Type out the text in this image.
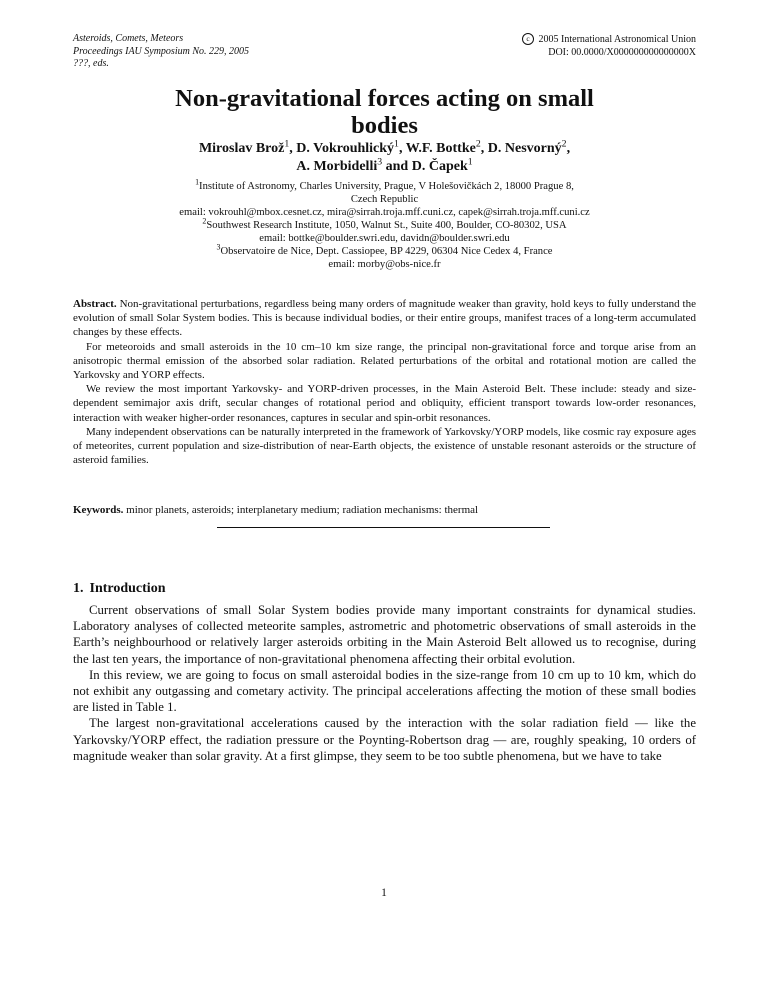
Asteroids, Comets, Meteors
Proceedings IAU Symposium No. 229, 2005
???, eds.
c 2005 International Astronomical Union
DOI: 00.0000/X000000000000000X
Non-gravitational forces acting on small
bodies
Miroslav Brož$^1$, D. Vokrouhlický$^1$, W.F. Bottke$^2$, D. Nesvorný$^2$,
A. Morbidelli$^3$ and D. Čapek$^1$
$^1$Institute of Astronomy, Charles University, Prague, V Holešovičkách 2, 18000 Prague 8,
Czech Republic
email: vokrouhl@mbox.cesnet.cz, mira@sirrah.troja.mff.cuni.cz, capek@sirrah.troja.mff.cuni.cz
$^2$Southwest Research Institute, 1050, Walnut St., Suite 400, Boulder, CO-80302, USA
email: bottke@boulder.swri.edu, davidn@boulder.swri.edu
$^3$Observatoire de Nice, Dept. Cassiopee, BP 4229, 06304 Nice Cedex 4, France
email: morby@obs-nice.fr

Abstract. Non-gravitational perturbations, regardless being many orders of magnitude weaker than gravity, hold keys to fully understand the evolution of small Solar System bodies. This is because individual bodies, or their entire groups, manifest traces of a long-term accumulated changes by these effects.

For meteoroids and small asteroids in the 10 cm–10 km size range, the principal non-gravitational force and torque arise from an anisotropic thermal emission of the absorbed solar radiation. Related perturbations of the orbital and rotational motion are called the Yarkovsky and YORP effects.

We review the most important Yarkovsky- and YORP-driven processes, in the Main Asteroid Belt. These include: steady and size-dependent semimajor axis drift, secular changes of rotational period and obliquity, efficient transport towards low-order resonances, interaction with weaker higher-order resonances, captures in secular and spin-orbit resonances.

Many independent observations can be naturally interpreted in the framework of Yarkovsky/YORP models, like cosmic ray exposure ages of meteorites, current population and size-distribution of near-Earth objects, the existence of unstable resonant asteroids or the structure of asteroid families.

Keywords. minor planets, asteroids; interplanetary medium; radiation mechanisms: thermal
1. Introduction

Current observations of small Solar System bodies provide many important constraints for dynamical studies. Laboratory analyses of collected meteorite samples, astrometric and photometric observations of small asteroids in the Earth’s neighbourhood or relatively larger asteroids orbiting in the Main Asteroid Belt allowed us to recognise, during the last ten years, the importance of non-gravitational phenomena affecting their orbital evolution.

In this review, we are going to focus on small asteroidal bodies in the size-range from 10 cm up to 10 km, which do not exhibit any outgassing and cometary activity. The principal accelerations affecting the motion of these small bodies are listed in Table 1.

The largest non-gravitational accelerations caused by the interaction with the solar radiation field — like the Yarkovsky/YORP effect, the radiation pressure or the Poynting-Robertson drag — are, roughly speaking, 10 orders of magnitude weaker than solar gravity. At a first glimpse, they seem to be too subtle phenomena, but we have to take

1
